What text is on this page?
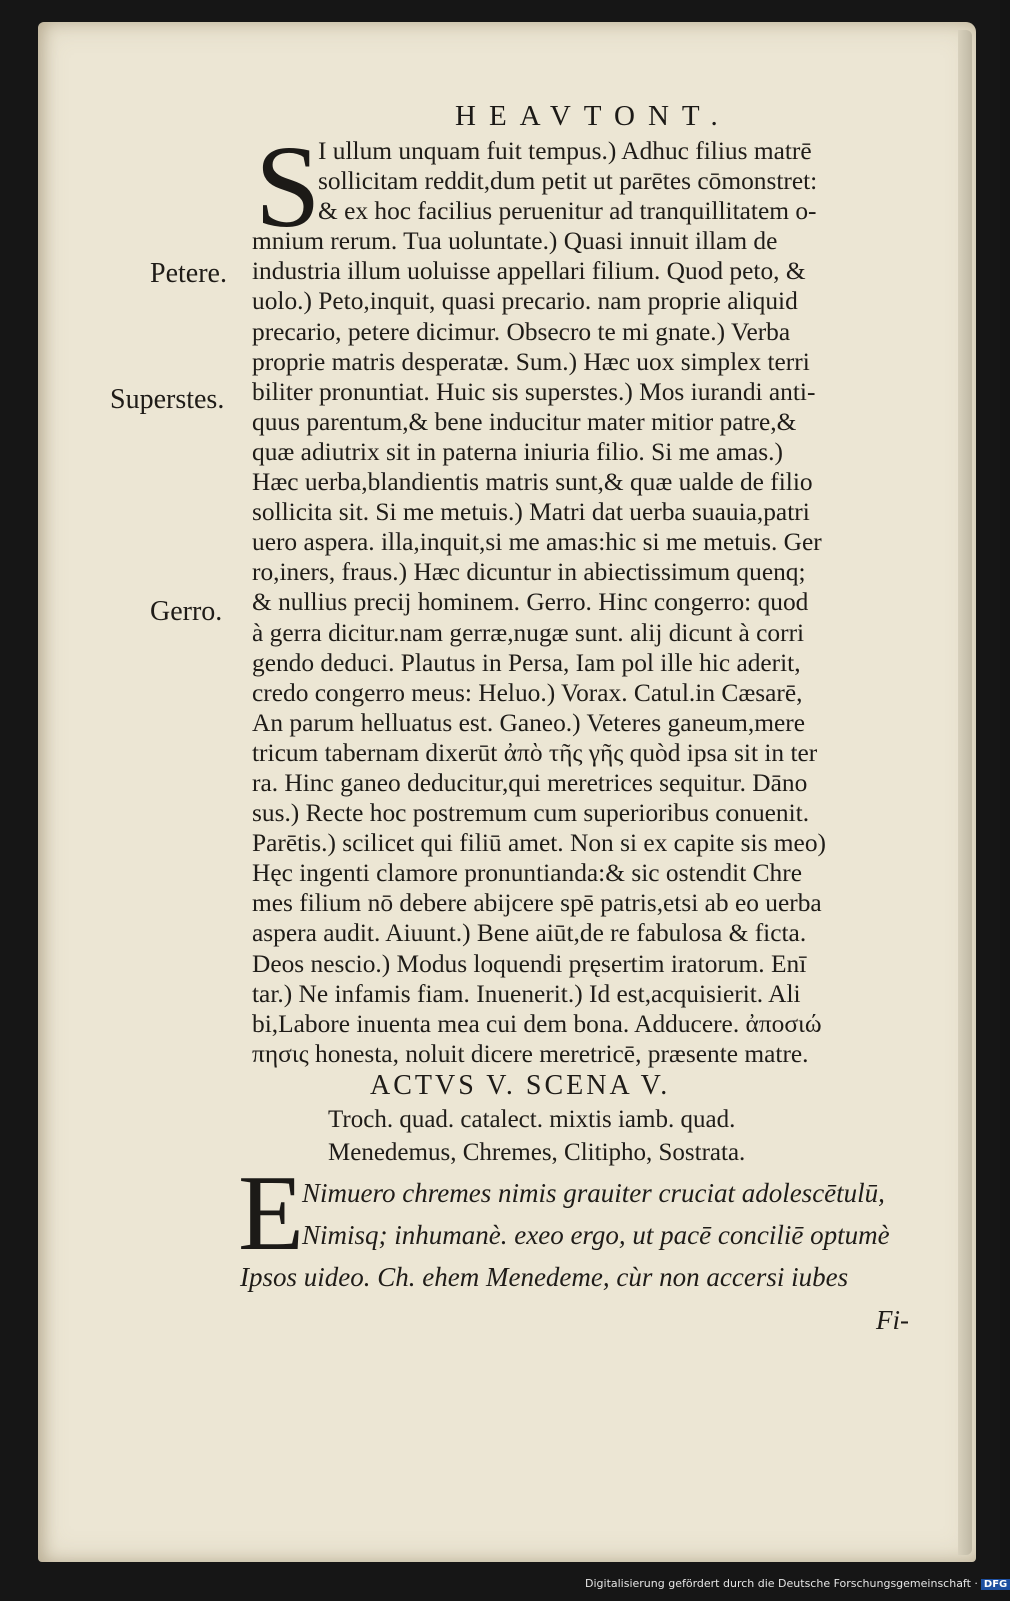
HEAVTONT.
S
I ullum unquam fuit tempus.) Adhuc filius matrē
sollicitam reddit,dum petit ut parētes cōmonstret:
& ex hoc facilius peruenitur ad tranquillitatem o-
mnium rerum. Tua uoluntate.) Quasi innuit illam de
industria illum uoluisse appellari filium. Quod peto, &
uolo.) Peto,inquit, quasi precario. nam proprie aliquid
precario, petere dicimur. Obsecro te mi gnate.) Verba
proprie matris desperatæ. Sum.) Hæc uox simplex terri
biliter pronuntiat. Huic sis superstes.) Mos iurandi anti-
quus parentum,& bene inducitur mater mitior patre,&
quæ adiutrix sit in paterna iniuria filio. Si me amas.)
Hæc uerba,blandientis matris sunt,& quæ ualde de filio
sollicita sit. Si me metuis.) Matri dat uerba suauia,patri
uero aspera. illa,inquit,si me amas:hic si me metuis. Ger
ro,iners, fraus.) Hæc dicuntur in abiectissimum quenq;
& nullius precij hominem. Gerro. Hinc congerro: quod
à gerra dicitur.nam gerræ,nugæ sunt. alij dicunt à corri
gendo deduci. Plautus in Persa, Iam pol ille hic aderit,
credo congerro meus: Heluo.) Vorax. Catul.in Cæsarē,
An parum helluatus est. Ganeo.) Veteres ganeum,mere
tricum tabernam dixerūt ἀπὸ τῆς γῆς quòd ipsa sit in ter
ra. Hinc ganeo deducitur,qui meretrices sequitur. Dāno
sus.) Recte hoc postremum cum superioribus conuenit.
Parētis.) scilicet qui filiū amet. Non si ex capite sis meo)
Hęc ingenti clamore pronuntianda:& sic ostendit Chre
mes filium nō debere abijcere spē patris,etsi ab eo uerba
aspera audit. Aiuunt.) Bene aiūt,de re fabulosa & ficta.
Deos nescio.) Modus loquendi pręsertim iratorum. Enī
tar.) Ne infamis fiam. Inuenerit.) Id est,acquisierit. Ali
bi,Labore inuenta mea cui dem bona. Adducere. ἀποσιώ
πησις honesta, noluit dicere meretricē, præsente matre.
Petere.
Superstes.
Gerro.
ACTVS V. SCENA V.
Troch. quad. catalect. mixtis iamb. quad.
Menedemus, Chremes, Clitipho, Sostrata.
E
Nimuero chremes nimis grauiter cruciat adolescētulū,
Nimisq; inhumanè. exeo ergo, ut pacē conciliē optumè
Ipsos uideo. Ch. ehem Menedeme, cùr non accersi iubes
Fi-
Digitalisierung gefördert durch die Deutsche Forschungsgemeinschaft · DFG
